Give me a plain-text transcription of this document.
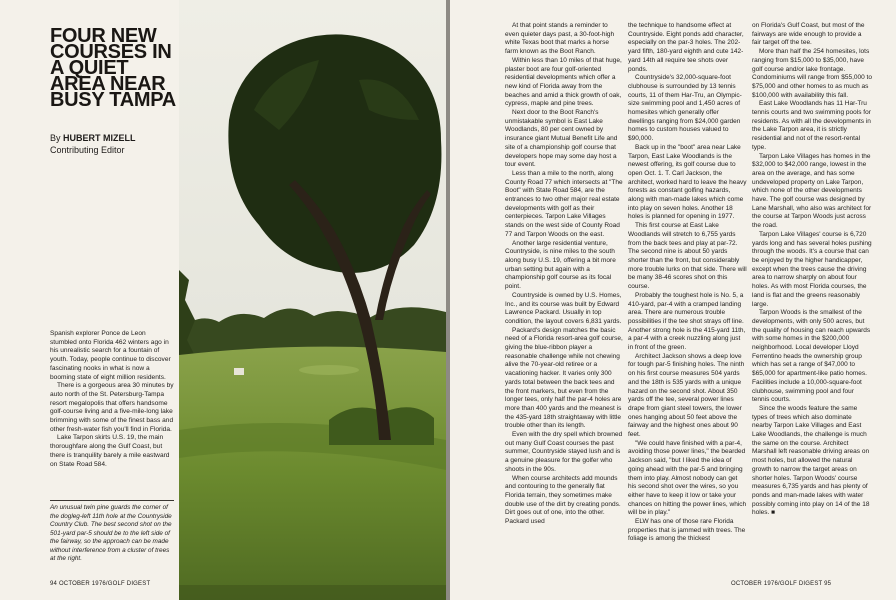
FOUR NEW COURSES IN A QUIET AREA NEAR BUSY TAMPA
By HUBERT MIZELL
Contributing Editor

Spanish explorer Ponce de Leon stumbled onto Florida 462 winters ago in his unrealistic search for a fountain of youth. Today, people continue to discover fascinating nooks in what is now a booming state of eight million residents.

There is a gorgeous area 30 minutes by auto north of the St. Petersburg-Tampa resort megalopolis that offers handsome golf-course living and a five-mile-long lake brimming with some of the finest bass and other fresh-water fish you'll find in Florida.

Lake Tarpon skirts U.S. 19, the main thoroughfare along the Gulf Coast, but there is tranquility barely a mile eastward on State Road 584.

An unusual twin pine guards the corner of the dogleg-left 11th hole at the Countryside Country Club. The best second shot on the 501-yard par-5 should be to the left side of the fairway, so the approach can be made without interference from a cluster of trees at the right.
94 OCTOBER 1976/GOLF DIGEST

At that point stands a reminder to even quieter days past, a 30-foot-high white Texas boot that marks a horse farm known as the Boot Ranch.

Within less than 10 miles of that huge, plaster boot are four golf-oriented residential developments which offer a new kind of Florida away from the beaches and amid a thick growth of oak, cypress, maple and pine trees.

Next door to the Boot Ranch's unmistakable symbol is East Lake Woodlands, 80 per cent owned by insurance giant Mutual Benefit Life and site of a championship golf course that developers hope may some day host a tour event.

Less than a mile to the north, along County Road 77 which intersects at "The Boot" with State Road 584, are the entrances to two other major real estate developments with golf as their centerpieces. Tarpon Lake Villages stands on the west side of County Road 77 and Tarpon Woods on the east.

Another large residential venture, Countryside, is nine miles to the south along busy U.S. 19, offering a bit more urban setting but again with a championship golf course as its focal point.

Countryside is owned by U.S. Homes, Inc., and its course was built by Edward Lawrence Packard. Usually in top condition, the layout covers 6,831 yards.

Packard's design matches the basic need of a Florida resort-area golf course, giving the blue-ribbon player a reasonable challenge while not chewing alive the 70-year-old retiree or a vacationing hacker. It varies only 300 yards total between the back tees and the front markers, but even from the longer tees, only half the par-4 holes are more than 400 yards and the meanest is the 435-yard 18th straightaway with little trouble other than its length.

Even with the dry spell which browned out many Gulf Coast courses the past summer, Countryside stayed lush and is a genuine pleasure for the golfer who shoots in the 90s.

When course architects add mounds and contouring to the generally flat Florida terrain, they sometimes make double use of the dirt by creating ponds. Dirt goes out of one, into the other. Packard used

the technique to handsome effect at Countryside. Eight ponds add character, especially on the par-3 holes. The 202-yard fifth, 180-yard eighth and cute 142-yard 14th all require tee shots over ponds.

Countryside's 32,000-square-foot clubhouse is surrounded by 13 tennis courts, 11 of them Har-Tru, an Olympic-size swimming pool and 1,450 acres of homesites which generally offer dwellings ranging from $24,000 garden homes to custom houses valued to $90,000.

Back up in the "boot" area near Lake Tarpon, East Lake Woodlands is the newest offering, its golf course due to open Oct. 1. T. Carl Jackson, the architect, worked hard to leave the heavy forests as constant golfing hazards, along with man-made lakes which come into play on seven holes. Another 18 holes is planned for opening in 1977.

This first course at East Lake Woodlands will stretch to 6,755 yards from the back tees and play at par-72. The second nine is about 50 yards shorter than the front, but considerably more trouble lurks on that side. There will be many 38-46 scores shot on this course.

Probably the toughest hole is No. 5, a 410-yard, par-4 with a cramped landing area. There are numerous trouble possibilities if the tee shot strays off line. Another strong hole is the 415-yard 11th, a par-4 with a creek nuzzling along just in front of the green.

Architect Jackson shows a deep love for tough par-5 finishing holes. The ninth on his first course measures 504 yards and the 18th is 535 yards with a unique hazard on the second shot. About 350 yards off the tee, several power lines drape from giant steel towers, the lower ones hanging about 50 feet above the fairway and the highest ones about 90 feet.

"We could have finished with a par-4, avoiding those power lines," the bearded Jackson said, "but I liked the idea of going ahead with the par-5 and bringing them into play. Almost nobody can get his second shot over the wires, so you either have to keep it low or take your chances on hitting the power lines, which will be in play."

ELW has one of those rare Florida properties that is jammed with trees. The foliage is among the thickest

on Florida's Gulf Coast, but most of the fairways are wide enough to provide a fair target off the tee.

More than half the 254 homesites, lots ranging from $15,000 to $35,000, have golf course and/or lake frontage. Condominiums will range from $55,000 to $75,000 and other homes to as much as $100,000 with availability this fall.

East Lake Woodlands has 11 Har-Tru tennis courts and two swimming pools for residents. As with all the developments in the Lake Tarpon area, it is strictly residential and not of the resort-rental type.

Tarpon Lake Villages has homes in the $32,000 to $42,000 range, lowest in the area on the average, and has some undeveloped property on Lake Tarpon, which none of the other developments have. The golf course was designed by Lane Marshall, who also was architect for the course at Tarpon Woods just across the road.

Tarpon Lake Villages' course is 6,720 yards long and has several holes pushing through the woods. It's a course that can be enjoyed by the higher handicapper, except when the trees cause the driving area to narrow sharply on about four holes. As with most Florida courses, the land is flat and the greens reasonably large.

Tarpon Woods is the smallest of the developments, with only 500 acres, but the quality of housing can reach upwards with some homes in the $200,000 neighborhood. Local developer Lloyd Ferrentino heads the ownership group which has set a range of $47,000 to $65,000 for apartment-like patio homes. Facilities include a 10,000-square-foot clubhouse, swimming pool and four tennis courts.

Since the woods feature the same types of trees which also dominate nearby Tarpon Lake Villages and East Lake Woodlands, the challenge is much the same on the course. Architect Marshall left reasonable driving areas on most holes, but allowed the natural growth to narrow the target areas on shorter holes. Tarpon Woods' course measures 6,735 yards and has plenty of ponds and man-made lakes with water possibly coming into play on 14 of the 18 holes. ■

OCTOBER 1976/GOLF DIGEST 95
